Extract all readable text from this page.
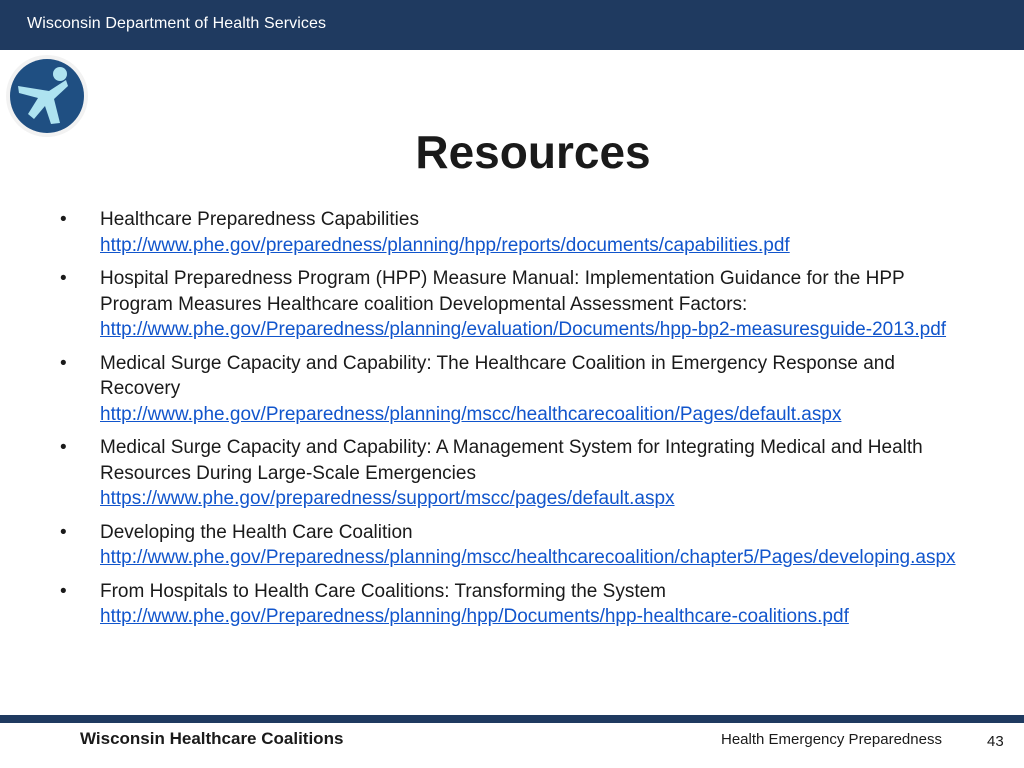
Wisconsin Department of Health Services
Resources
• Healthcare Preparedness Capabilities
http://www.phe.gov/preparedness/planning/hpp/reports/documents/capabilities.pdf
• Hospital Preparedness Program (HPP) Measure Manual: Implementation Guidance for the HPP Program Measures Healthcare coalition Developmental Assessment Factors:
http://www.phe.gov/Preparedness/planning/evaluation/Documents/hpp-bp2-measuresguide-2013.pdf
• Medical Surge Capacity and Capability: The Healthcare Coalition in Emergency Response and Recovery
http://www.phe.gov/Preparedness/planning/mscc/healthcarecoalition/Pages/default.aspx
• Medical Surge Capacity and Capability: A Management System for Integrating Medical and Health Resources During Large-Scale Emergencies
https://www.phe.gov/preparedness/support/mscc/pages/default.aspx
• Developing the Health Care Coalition
http://www.phe.gov/Preparedness/planning/mscc/healthcarecoalition/chapter5/Pages/developing.aspx
• From Hospitals to Health Care Coalitions: Transforming the System
http://www.phe.gov/Preparedness/planning/hpp/Documents/hpp-healthcare-coalitions.pdf
Wisconsin Healthcare Coalitions	Health Emergency Preparedness	43
